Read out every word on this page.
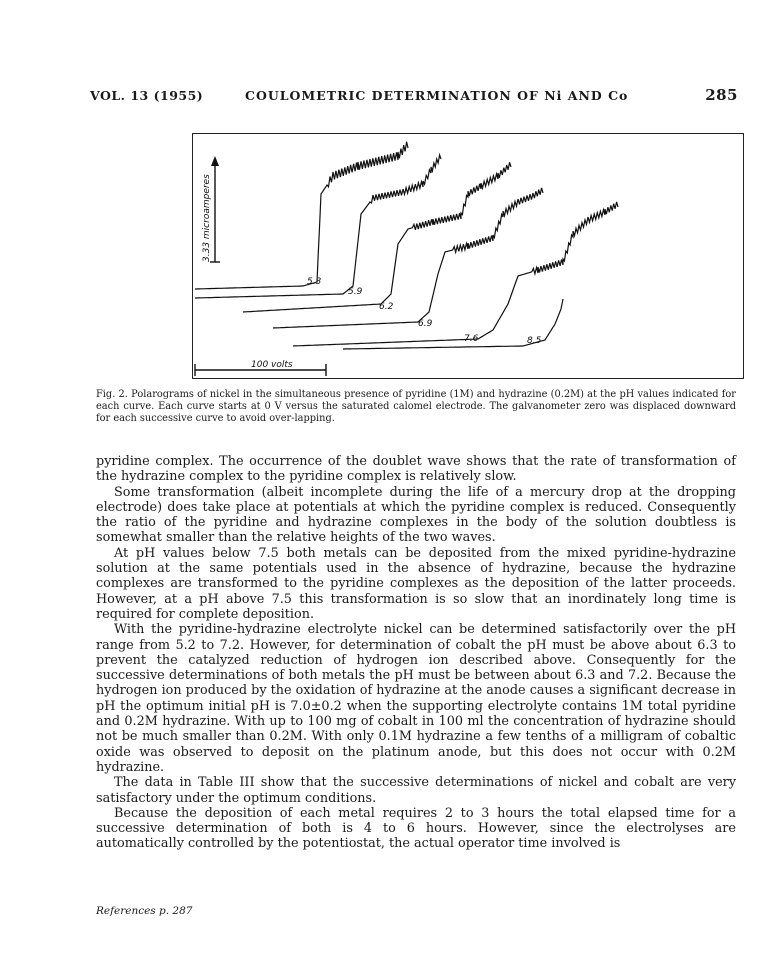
VOL. 13 (1955)	COULOMETRIC DETERMINATION OF Ni AND Co	285
3.33 microamperes
5.3
5.9
6.2
6.9
7.6	8.5
100 volts
Fig. 2. Polarograms of nickel in the simultaneous presence of pyridine (1M) and hydrazine (0.2M) at the pH values indicated for each curve. Each curve starts at 0 V versus the saturated calomel electrode. The galvanometer zero was displaced downward for each successive curve to avoid over-lapping.

pyridine complex. The occurrence of the doublet wave shows that the rate of transformation of the hydrazine complex to the pyridine complex is relatively slow.

Some transformation (albeit incomplete during the life of a mercury drop at the dropping electrode) does take place at potentials at which the pyridine complex is reduced. Consequently the ratio of the pyridine and hydrazine complexes in the body of the solution doubtless is somewhat smaller than the relative heights of the two waves.

At pH values below 7.5 both metals can be deposited from the mixed pyridine-hydrazine solution at the same potentials used in the absence of hydrazine, because the hydrazine complexes are transformed to the pyridine complexes as the deposition of the latter proceeds. However, at a pH above 7.5 this transformation is so slow that an inordinately long time is required for complete deposition.

With the pyridine-hydrazine electrolyte nickel can be determined satisfactorily over the pH range from 5.2 to 7.2. However, for determination of cobalt the pH must be above about 6.3 to prevent the catalyzed reduction of hydrogen ion described above. Consequently for the successive determinations of both metals the pH must be between about 6.3 and 7.2. Because the hydrogen ion produced by the oxidation of hydrazine at the anode causes a significant decrease in pH the optimum initial pH is 7.0±0.2 when the supporting electrolyte contains 1M total pyridine and 0.2M hydrazine. With up to 100 mg of cobalt in 100 ml the concentration of hydrazine should not be much smaller than 0.2M. With only 0.1M hydrazine a few tenths of a milligram of cobaltic oxide was observed to deposit on the platinum anode, but this does not occur with 0.2M hydrazine.

The data in Table III show that the successive determinations of nickel and cobalt are very satisfactory under the optimum conditions.

Because the deposition of each metal requires 2 to 3 hours the total elapsed time for a successive determination of both is 4 to 6 hours. However, since the electrolyses are automatically controlled by the potentiostat, the actual operator time involved is

References p. 287
